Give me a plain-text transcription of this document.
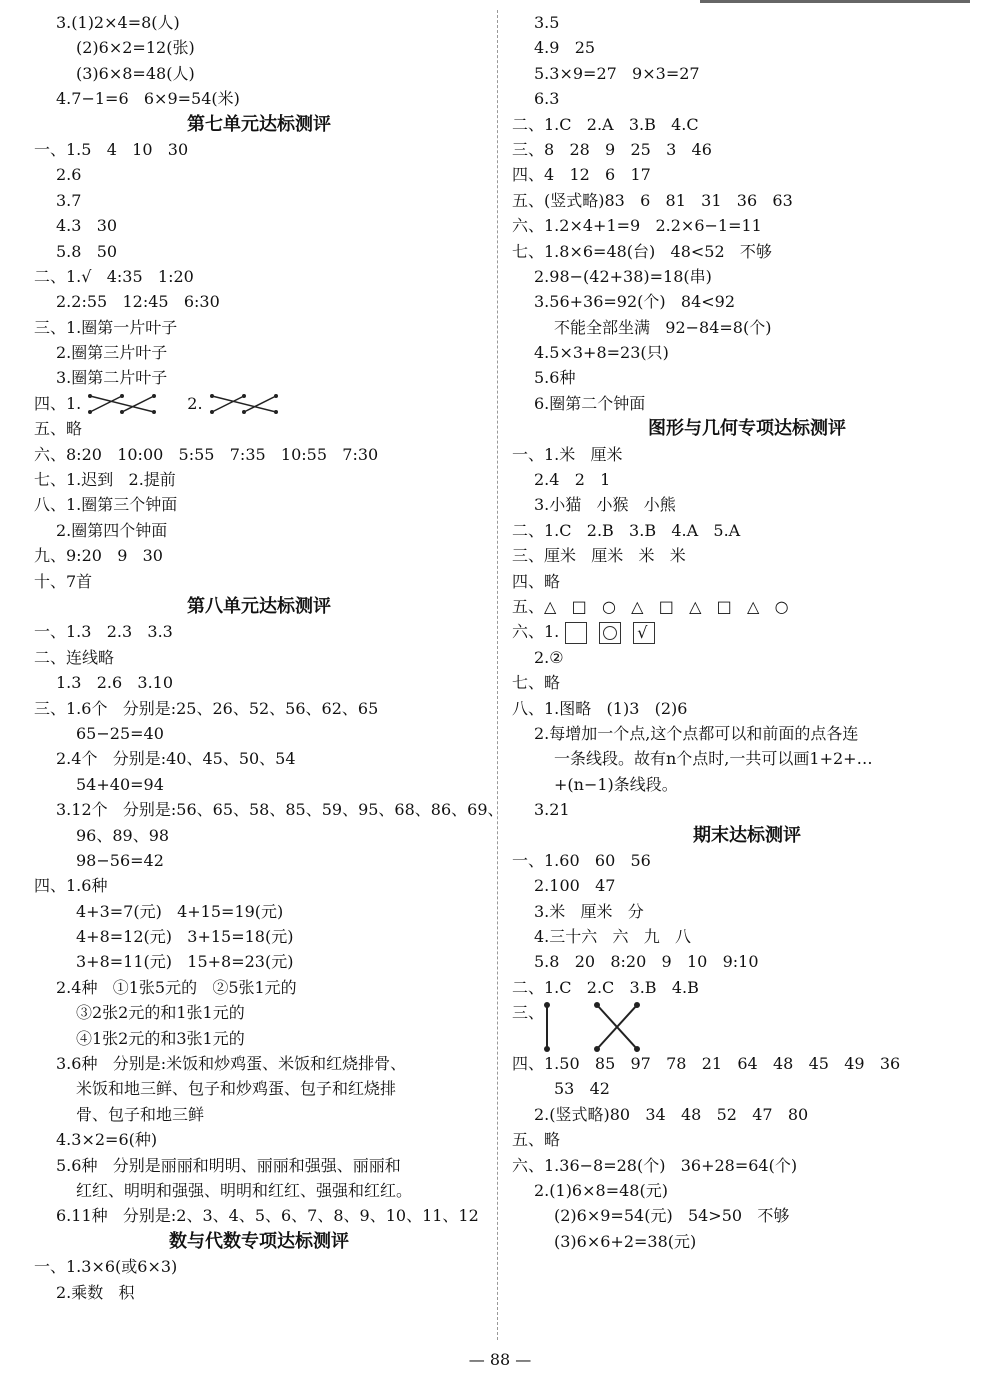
3.(1)2×4=8(人)
(2)6×2=12(张)
(3)6×8=48(人)
4.7−1=6   6×9=54(米)
第七单元达标测评
一、1.5   4   10   30
2.6
3.7
4.3   30
5.8   50
二、1.√   4:35   1:20
2.2:55   12:45   6:30
三、1.圈第一片叶子
2.圈第三片叶子
3.圈第二片叶子
四、1.	2.
五、略
六、8:20   10:00   5:55   7:35   10:55   7:30
七、1.迟到   2.提前
八、1.圈第三个钟面
2.圈第四个钟面
九、9:20   9   30
十、7首
第八单元达标测评
一、1.3   2.3   3.3
二、连线略
1.3   2.6   3.10
三、1.6个   分别是:25、26、52、56、62、65
65−25=40
2.4个   分别是:40、45、50、54
54+40=94
3.12个   分别是:56、65、58、85、59、95、68、86、69、
96、89、98
98−56=42
四、1.6种
4+3=7(元)   4+15=19(元)
4+8=12(元)   3+15=18(元)
3+8=11(元)   15+8=23(元)
2.4种   ①1张5元的   ②5张1元的
③2张2元的和1张1元的
④1张2元的和3张1元的
3.6种   分别是:米饭和炒鸡蛋、米饭和红烧排骨、
米饭和地三鲜、包子和炒鸡蛋、包子和红烧排
骨、包子和地三鲜
4.3×2=6(种)
5.6种   分别是丽丽和明明、丽丽和强强、丽丽和
红红、明明和强强、明明和红红、强强和红红。
6.11种   分别是:2、3、4、5、6、7、8、9、10、11、12
数与代数专项达标测评
一、1.3×6(或6×3)
2.乘数   积
3.5
4.9   25
5.3×9=27   9×3=27
6.3
二、1.C   2.A   3.B   4.C
三、8   28   9   25   3   46
四、4   12   6   17
五、(竖式略)83   6   81   31   36   63
六、1.2×4+1=9   2.2×6−1=11
七、1.8×6=48(台)   48<52   不够
2.98−(42+38)=18(串)
3.56+36=92(个)   84<92
不能全部坐满   92−84=8(个)
4.5×3+8=23(只)
5.6种
6.圈第二个钟面
图形与几何专项达标测评
一、1.米   厘米
2.4   2   1
3.小猫   小猴   小熊
二、1.C   2.B   3.B   4.A   5.A
三、厘米   厘米   米   米
四、略
五、△   □   ○   △   □   △   □   △   ○
六、1. √
2.②
七、略
八、1.图略   (1)3   (2)6
2.每增加一个点,这个点都可以和前面的点各连
一条线段。故有n个点时,一共可以画1+2+…
+(n−1)条线段。
3.21
期末达标测评
一、1.60   60   56
2.100   47
3.米   厘米   分
4.三十六   六   九   八
5.8   20   8:20   9   10   9:10
二、1.C   2.C   3.B   4.B
三、
四、1.50   85   97   78   21   64   48   45   49   36
53   42
2.(竖式略)80   34   48   52   47   80
五、略
六、1.36−8=28(个)   36+28=64(个)
2.(1)6×8=48(元)
(2)6×9=54(元)   54>50   不够
(3)6×6+2=38(元)
— 88 —
